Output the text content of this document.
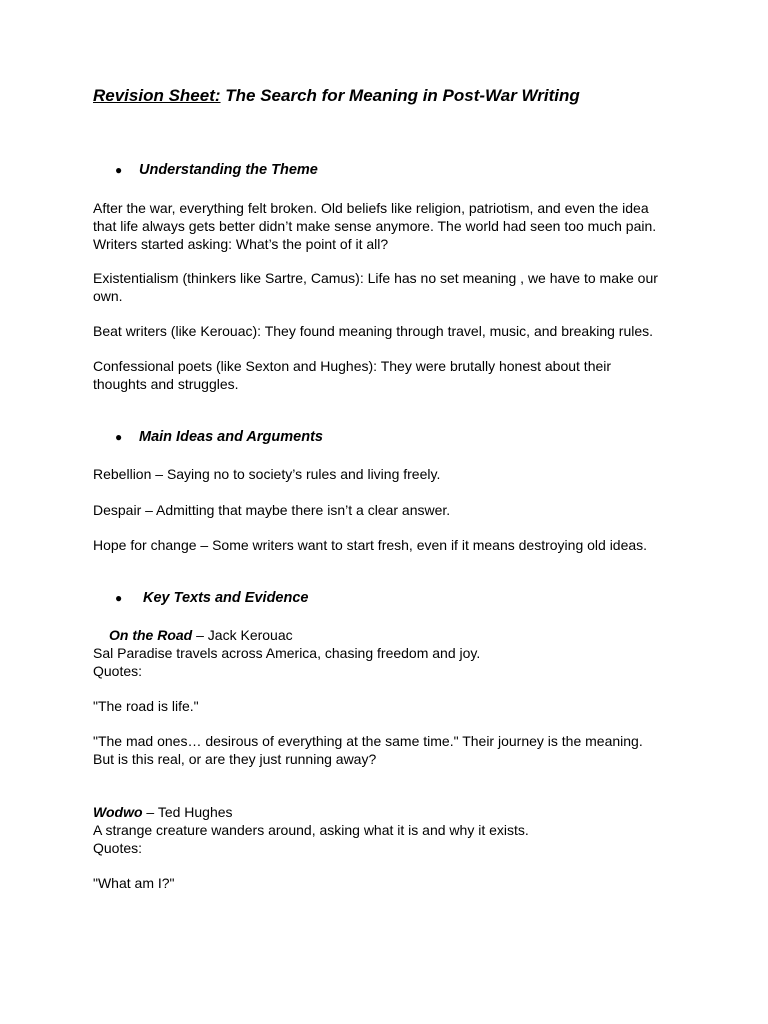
Revision Sheet: The Search for Meaning in Post-War Writing
● Understanding the Theme
After the war, everything felt broken. Old beliefs like religion, patriotism, and even the idea
that life always gets better didn’t make sense anymore. The world had seen too much pain.
Writers started asking: What’s the point of it all?
Existentialism (thinkers like Sartre, Camus): Life has no set meaning , we have to make our
own.
Beat writers (like Kerouac): They found meaning through travel, music, and breaking rules.
Confessional poets (like Sexton and Hughes): They were brutally honest about their
thoughts and struggles.
● Main Ideas and Arguments
Rebellion – Saying no to society’s rules and living freely.
Despair – Admitting that maybe there isn’t a clear answer.
Hope for change – Some writers want to start fresh, even if it means destroying old ideas.
● Key Texts and Evidence
On the Road – Jack Kerouac
Sal Paradise travels across America, chasing freedom and joy.
Quotes:
"The road is life."
"The mad ones… desirous of everything at the same time." Their journey is the meaning.
But is this real, or are they just running away?
Wodwo – Ted Hughes
A strange creature wanders around, asking what it is and why it exists.
Quotes:
"What am I?"
